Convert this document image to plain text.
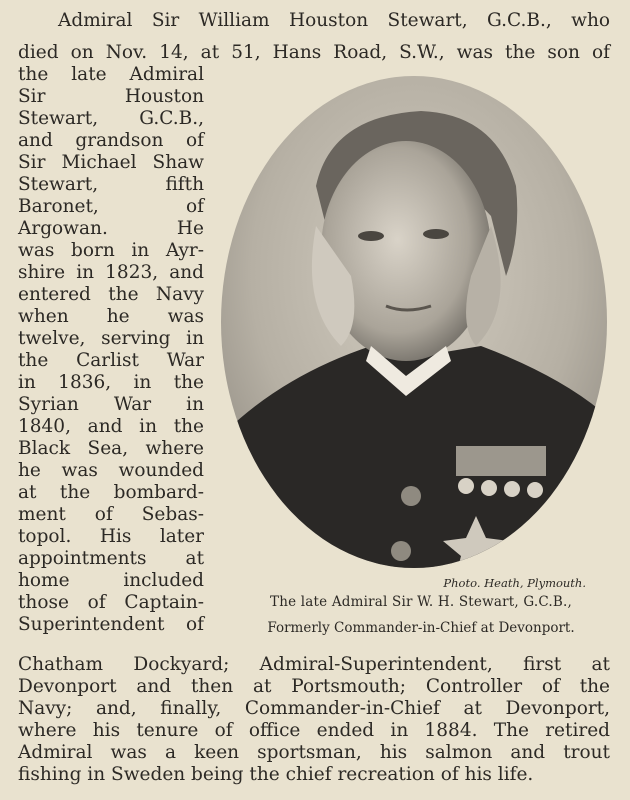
Admiral Sir William Houston Stewart, G.C.B., who
died on Nov. 14, at 51, Hans Road, S.W., was the son of
the late Admiral
Sir Houston
Stewart, G.C.B.,
and grandson of
Sir Michael Shaw
Stewart, fifth
Baronet, of
Argowan. He
was born in Ayr-
shire in 1823, and
entered the Navy
when he was
twelve, serving in
the Carlist War
in 1836, in the
Syrian War in
1840, and in the
Black Sea, where
he was wounded
at the bombard-
ment of Sebas-
topol. His later
appointments at
home included
those of Captain-
Superintendent of
Chatham Dockyard; Admiral-Superintendent, first at
Devonport and then at Portsmouth; Controller of the
Navy; and, finally, Commander-in-Chief at Devonport,
where his tenure of office ended in 1884. The retired
Admiral was a keen sportsman, his salmon and trout
fishing in Sweden being the chief recreation of his life.
Photo. Heath, Plymouth.
The late Admiral Sir W. H. Stewart, G.C.B.,
Formerly Commander-in-Chief at Devonport.
